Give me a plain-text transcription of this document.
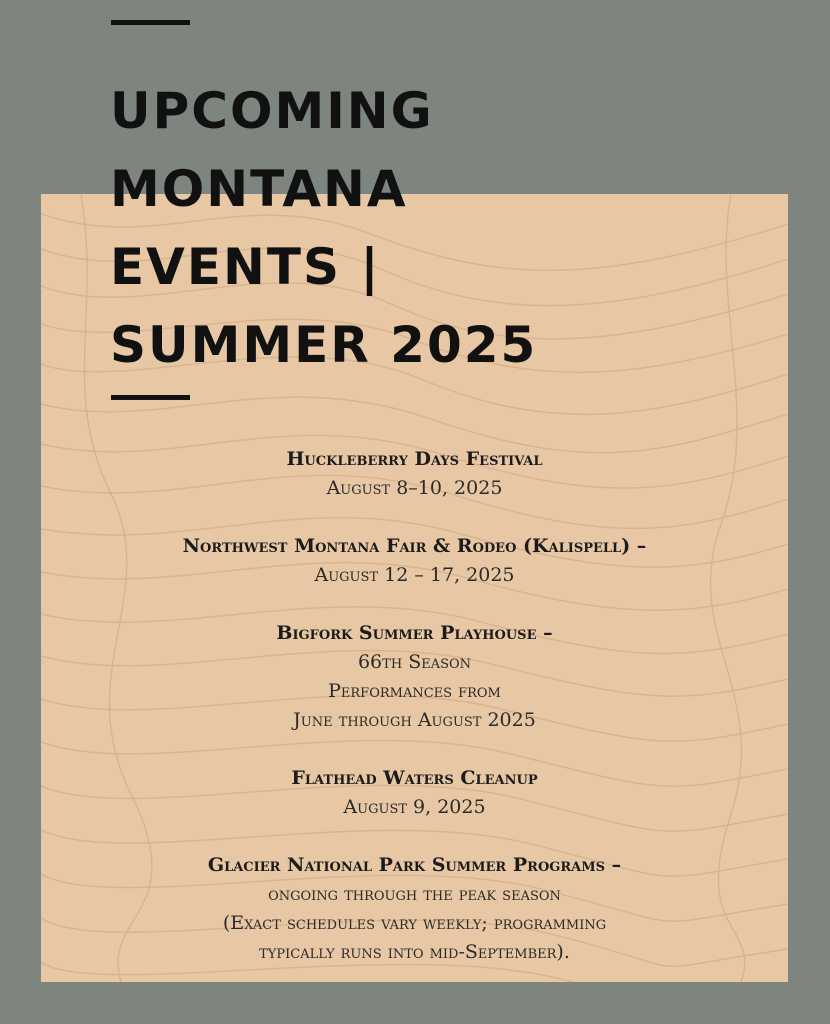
UPCOMING
MONTANA
EVENTS |
SUMMER 2025
Huckleberry Days Festival
August 8–10, 2025
Northwest Montana Fair & Rodeo (Kalispell) –
August 12 – 17, 2025
Bigfork Summer Playhouse –
66th Season
Performances from
June through August 2025
Flathead Waters Cleanup
August 9, 2025
Glacier National Park Summer Programs –
ongoing through the peak season
(Exact schedules vary weekly; programming
typically runs into mid-September).
